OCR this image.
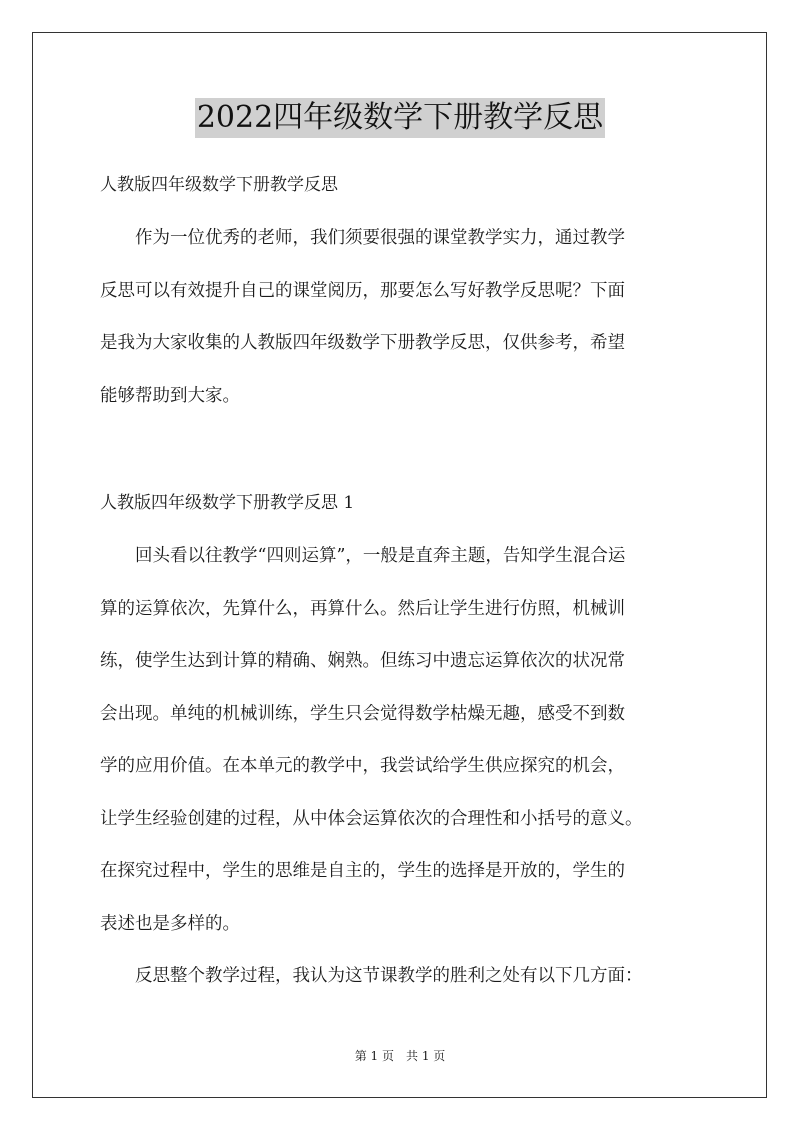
2022四年级数学下册教学反思
人教版四年级数学下册教学反思

作为一位优秀的老师，我们须要很强的课堂教学实力，通过教学
反思可以有效提升自己的课堂阅历，那要怎么写好教学反思呢？下面
是我为大家收集的人教版四年级数学下册教学反思，仅供参考，希望
能够帮助到大家。

人教版四年级数学下册教学反思 1

回头看以往教学“四则运算”，一般是直奔主题，告知学生混合运
算的运算依次，先算什么，再算什么。然后让学生进行仿照，机械训
练，使学生达到计算的精确、娴熟。但练习中遗忘运算依次的状况常
会出现。单纯的机械训练，学生只会觉得数学枯燥无趣，感受不到数
学的应用价值。在本单元的教学中，我尝试给学生供应探究的机会，
让学生经验创建的过程，从中体会运算依次的合理性和小括号的意义。
在探究过程中，学生的思维是自主的，学生的选择是开放的，学生的
表述也是多样的。

反思整个教学过程，我认为这节课教学的胜利之处有以下几方面：

第 1 页　共 1 页
